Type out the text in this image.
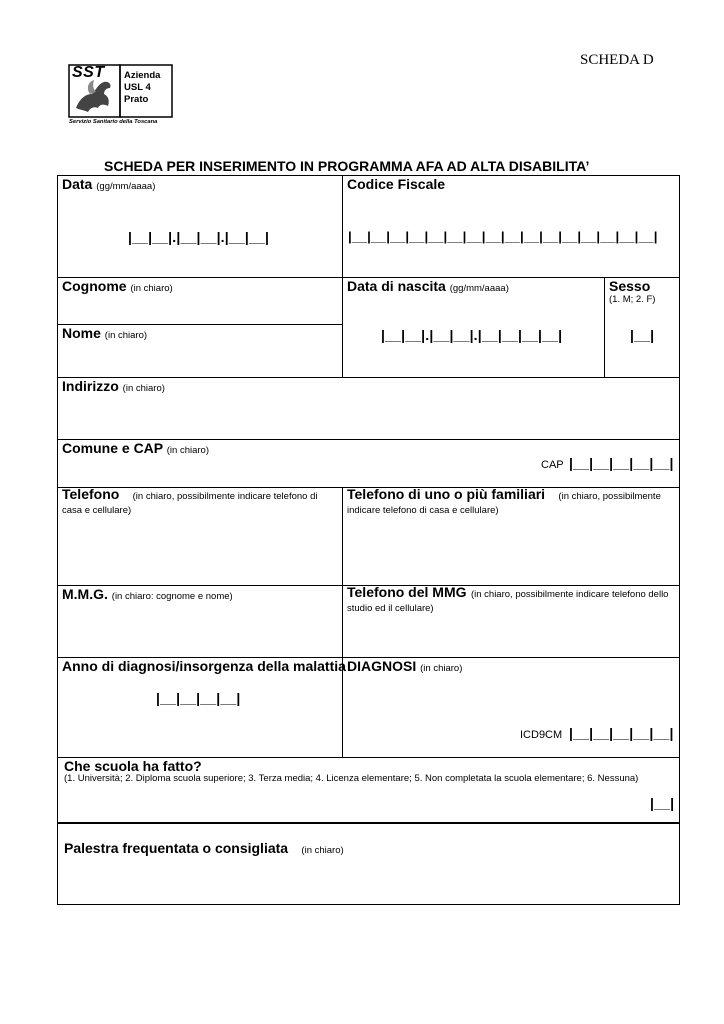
SCHEDA D
SST Azienda
USL 4
Prato
Servizio Sanitario della Toscana
SCHEDA PER INSERIMENTO IN PROGRAMMA AFA AD ALTA DISABILITA’
Data (gg/mm/aaaa)
|__|__|.|__|__|.|__|__|
Codice Fiscale
|__|__|__|__|__|__|__|__|__|__|__|__|__|__|__|__|
Cognome (in chiaro)
Nome (in chiaro)
Data di nascita (gg/mm/aaaa)
|__|__|.|__|__|.|__|__|__|__|
Sesso
(1. M; 2. F)
|__|
Indirizzo (in chiaro)
Comune e CAP (in chiaro)
CAP |__|__|__|__|__|
Telefono (in chiaro, possibilmente indicare telefono di casa e cellulare)
Telefono di uno o più familiari (in chiaro, possibilmente indicare telefono di casa e cellulare)
M.M.G. (in chiaro: cognome e nome)	Telefono del MMG (in chiaro, possibilmente indicare telefono dello studio ed il cellulare)
Anno di diagnosi/insorgenza della malattia
|__|__|__|__|
DIAGNOSI (in chiaro)
ICD9CM |__|__|__|__|__|
Che scuola ha fatto?
(1. Università; 2. Diploma scuola superiore; 3. Terza media; 4. Licenza elementare; 5. Non completata la scuola elementare; 6. Nessuna)
|__|
Palestra frequentata o consigliata (in chiaro)
